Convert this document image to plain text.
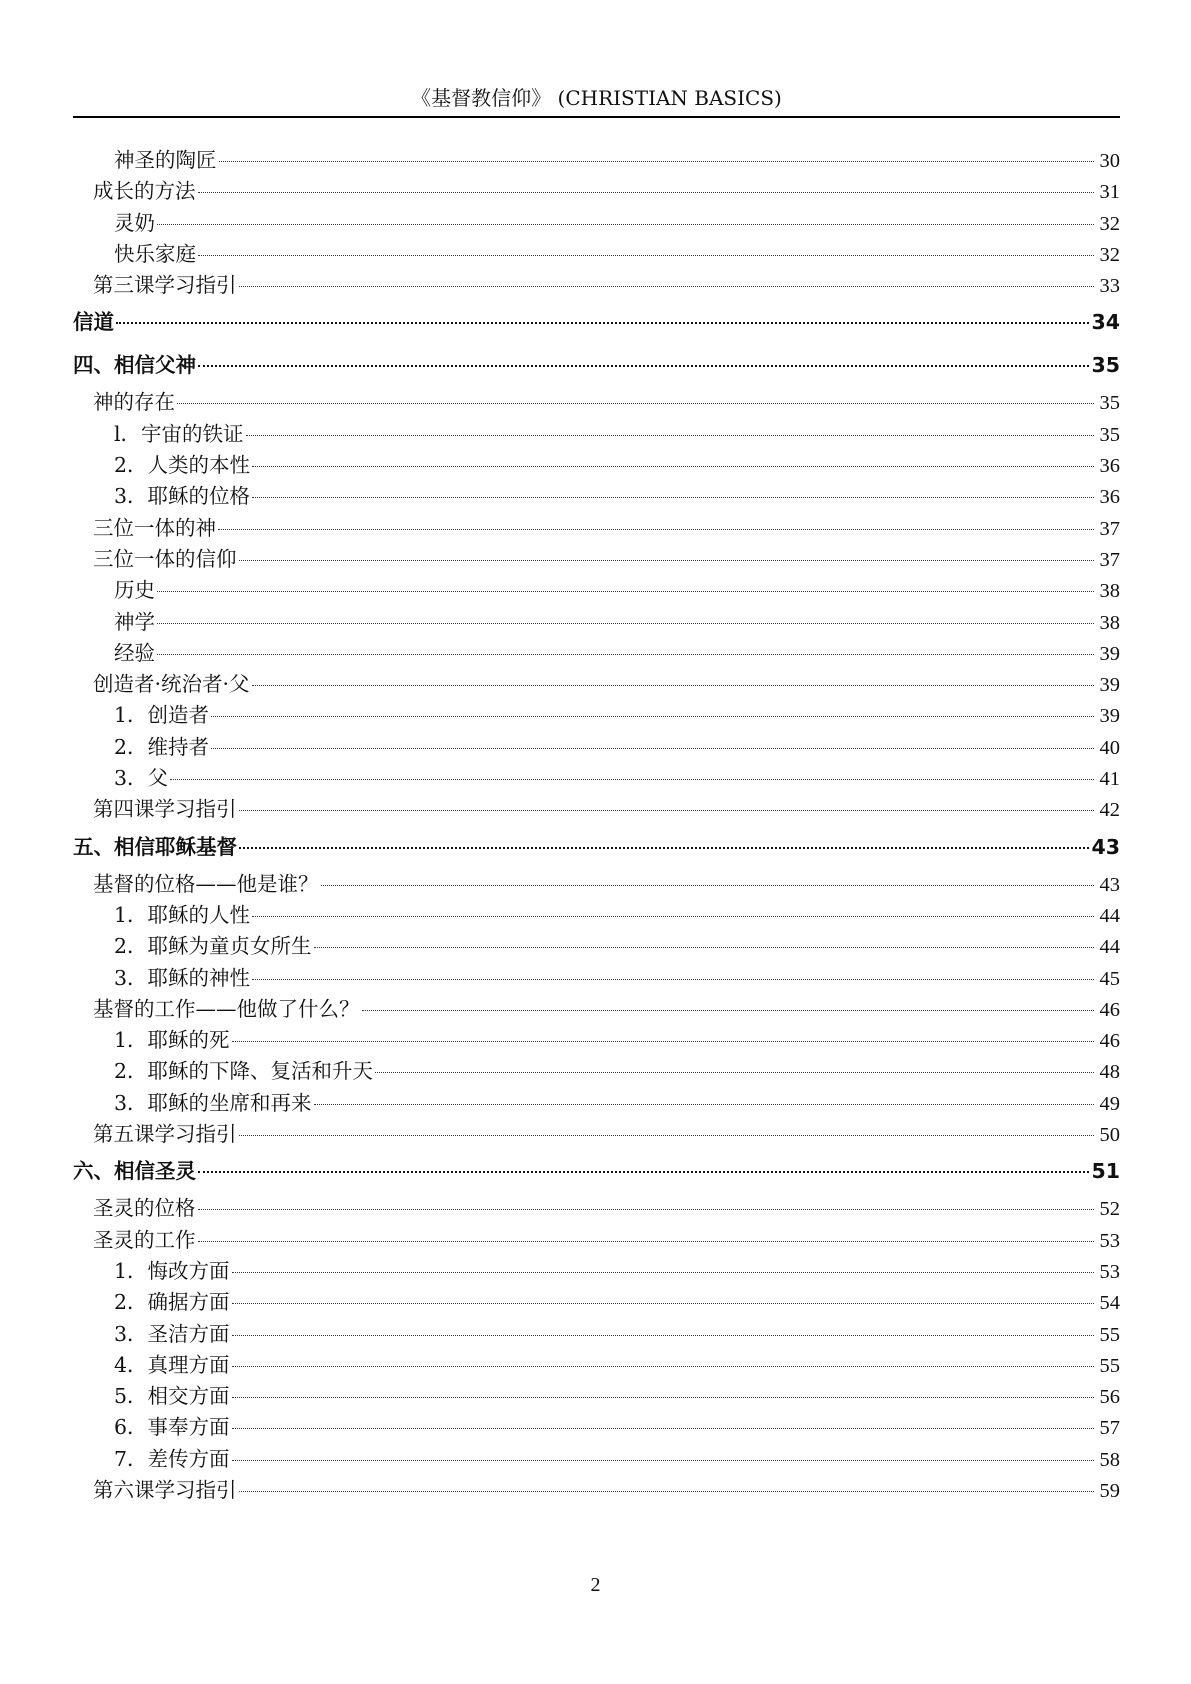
《基督教信仰》 (CHRISTIAN BASICS)
神圣的陶匠	30
成长的方法	31
灵奶	32
快乐家庭	32
第三课学习指引	33
信道	34
四、相信父神	35
神的存在	35
l．宇宙的铁证	35
2．人类的本性	36
3．耶稣的位格	36
三位一体的神	37
三位一体的信仰	37
历史	38
神学	38
经验	39
创造者·统治者·父	39
1．创造者	39
2．维持者	40
3．父	41
第四课学习指引	42
五、相信耶稣基督	43
基督的位格——他是谁？	43
1．耶稣的人性	44
2．耶稣为童贞女所生	44
3．耶稣的神性	45
基督的工作——他做了什么？	46
1．耶稣的死	46
2．耶稣的下降、复活和升天	48
3．耶稣的坐席和再来	49
第五课学习指引	50
六、相信圣灵	51
圣灵的位格	52
圣灵的工作	53
1．悔改方面	53
2．确据方面	54
3．圣洁方面	55
4．真理方面	55
5．相交方面	56
6．事奉方面	57
7．差传方面	58
第六课学习指引	59
2
